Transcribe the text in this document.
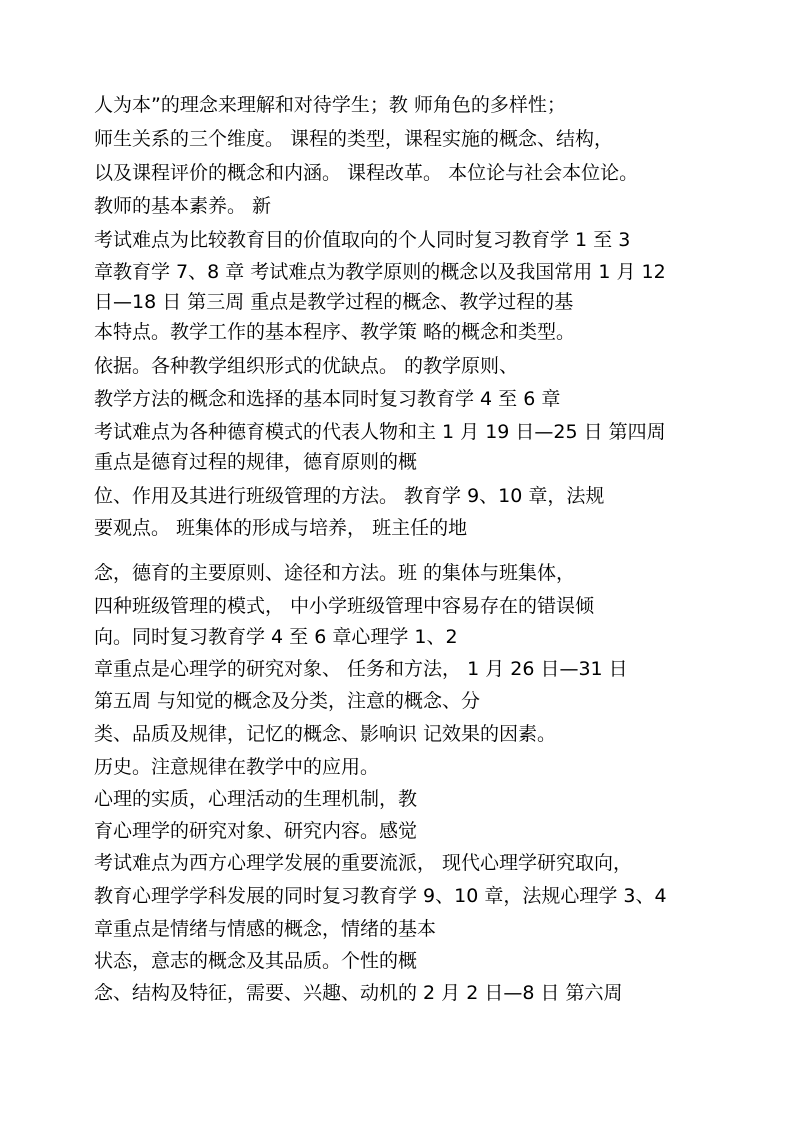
人为本”的理念来理解和对待学生；教 师角色的多样性；
师生关系的三个维度。 课程的类型，课程实施的概念、结构，
以及课程评价的概念和内涵。 课程改革。 本位论与社会本位论。
教师的基本素养。 新
考试难点为比较教育目的价值取向的个人同时复习教育学 1 至 3
章教育学 7、8 章 考试难点为教学原则的概念以及我国常用 1 月 12
日—18 日 第三周 重点是教学过程的概念、教学过程的基
本特点。教学工作的基本程序、教学策 略的概念和类型。
依据。各种教学组织形式的优缺点。 的教学原则、
教学方法的概念和选择的基本同时复习教育学 4 至 6 章
考试难点为各种德育模式的代表人物和主 1 月 19 日—25 日 第四周
重点是德育过程的规律，德育原则的概
位、作用及其进行班级管理的方法。 教育学 9、10 章，法规
要观点。 班集体的形成与培养， 班主任的地
念，德育的主要原则、途径和方法。班 的集体与班集体，
四种班级管理的模式， 中小学班级管理中容易存在的错误倾
向。同时复习教育学 4 至 6 章心理学 1、2
章重点是心理学的研究对象、 任务和方法， 1 月 26 日—31 日
第五周 与知觉的概念及分类，注意的概念、分
类、品质及规律，记忆的概念、影响识 记效果的因素。
历史。注意规律在教学中的应用。
心理的实质，心理活动的生理机制，教
育心理学的研究对象、研究内容。感觉
考试难点为西方心理学发展的重要流派， 现代心理学研究取向，
教育心理学学科发展的同时复习教育学 9、10 章，法规心理学 3、4
章重点是情绪与情感的概念，情绪的基本
状态，意志的概念及其品质。个性的概
念、结构及特征，需要、兴趣、动机的 2 月 2 日—8 日 第六周
